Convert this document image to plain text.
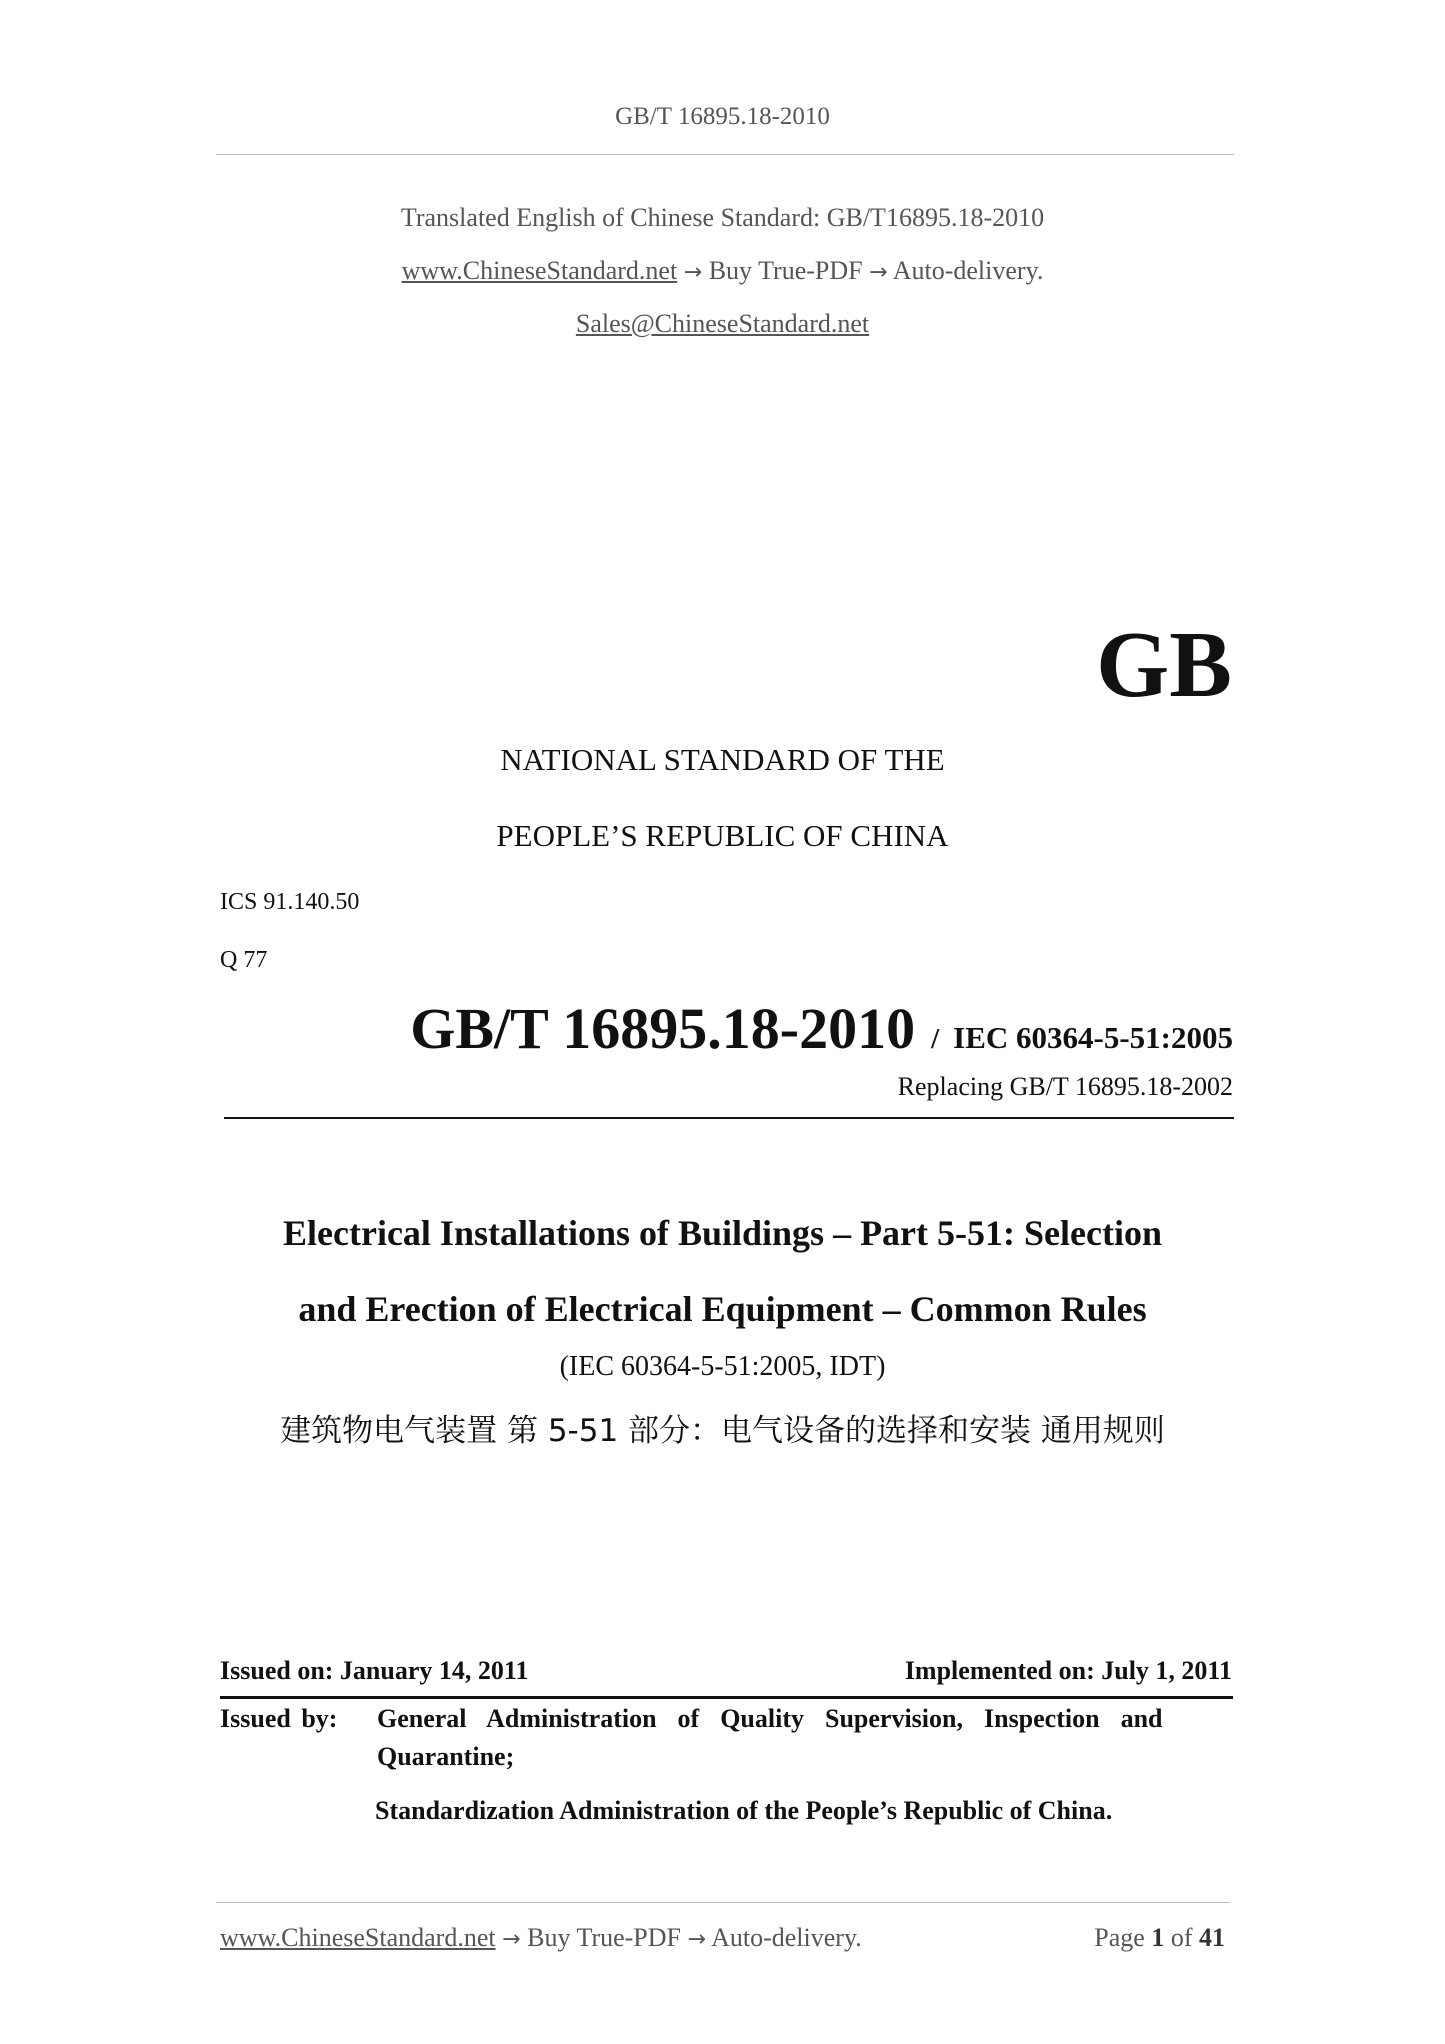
GB/T 16895.18-2010
Translated English of Chinese Standard: GB/T16895.18-2010
www.ChineseStandard.net → Buy True-PDF → Auto-delivery.
Sales@ChineseStandard.net
GB
NATIONAL STANDARD OF THE
PEOPLE’S REPUBLIC OF CHINA
ICS 91.140.50
Q 77
GB/T 16895.18-2010 / IEC 60364-5-51:2005
Replacing GB/T 16895.18-2002
Electrical Installations of Buildings – Part 5-51: Selection
and Erection of Electrical Equipment – Common Rules
(IEC 60364-5-51:2005, IDT)
建筑物电气装置 第 5-51 部分：电气设备的选择和安装 通用规则
Issued on: January 14, 2011	Implemented on: July 1, 2011
Issued by: General  Administration  of  Quality  Supervision,  Inspection  and
Quarantine;
Standardization Administration of the People’s Republic of China.
www.ChineseStandard.net → Buy True-PDF → Auto-delivery.	Page 1 of 41
